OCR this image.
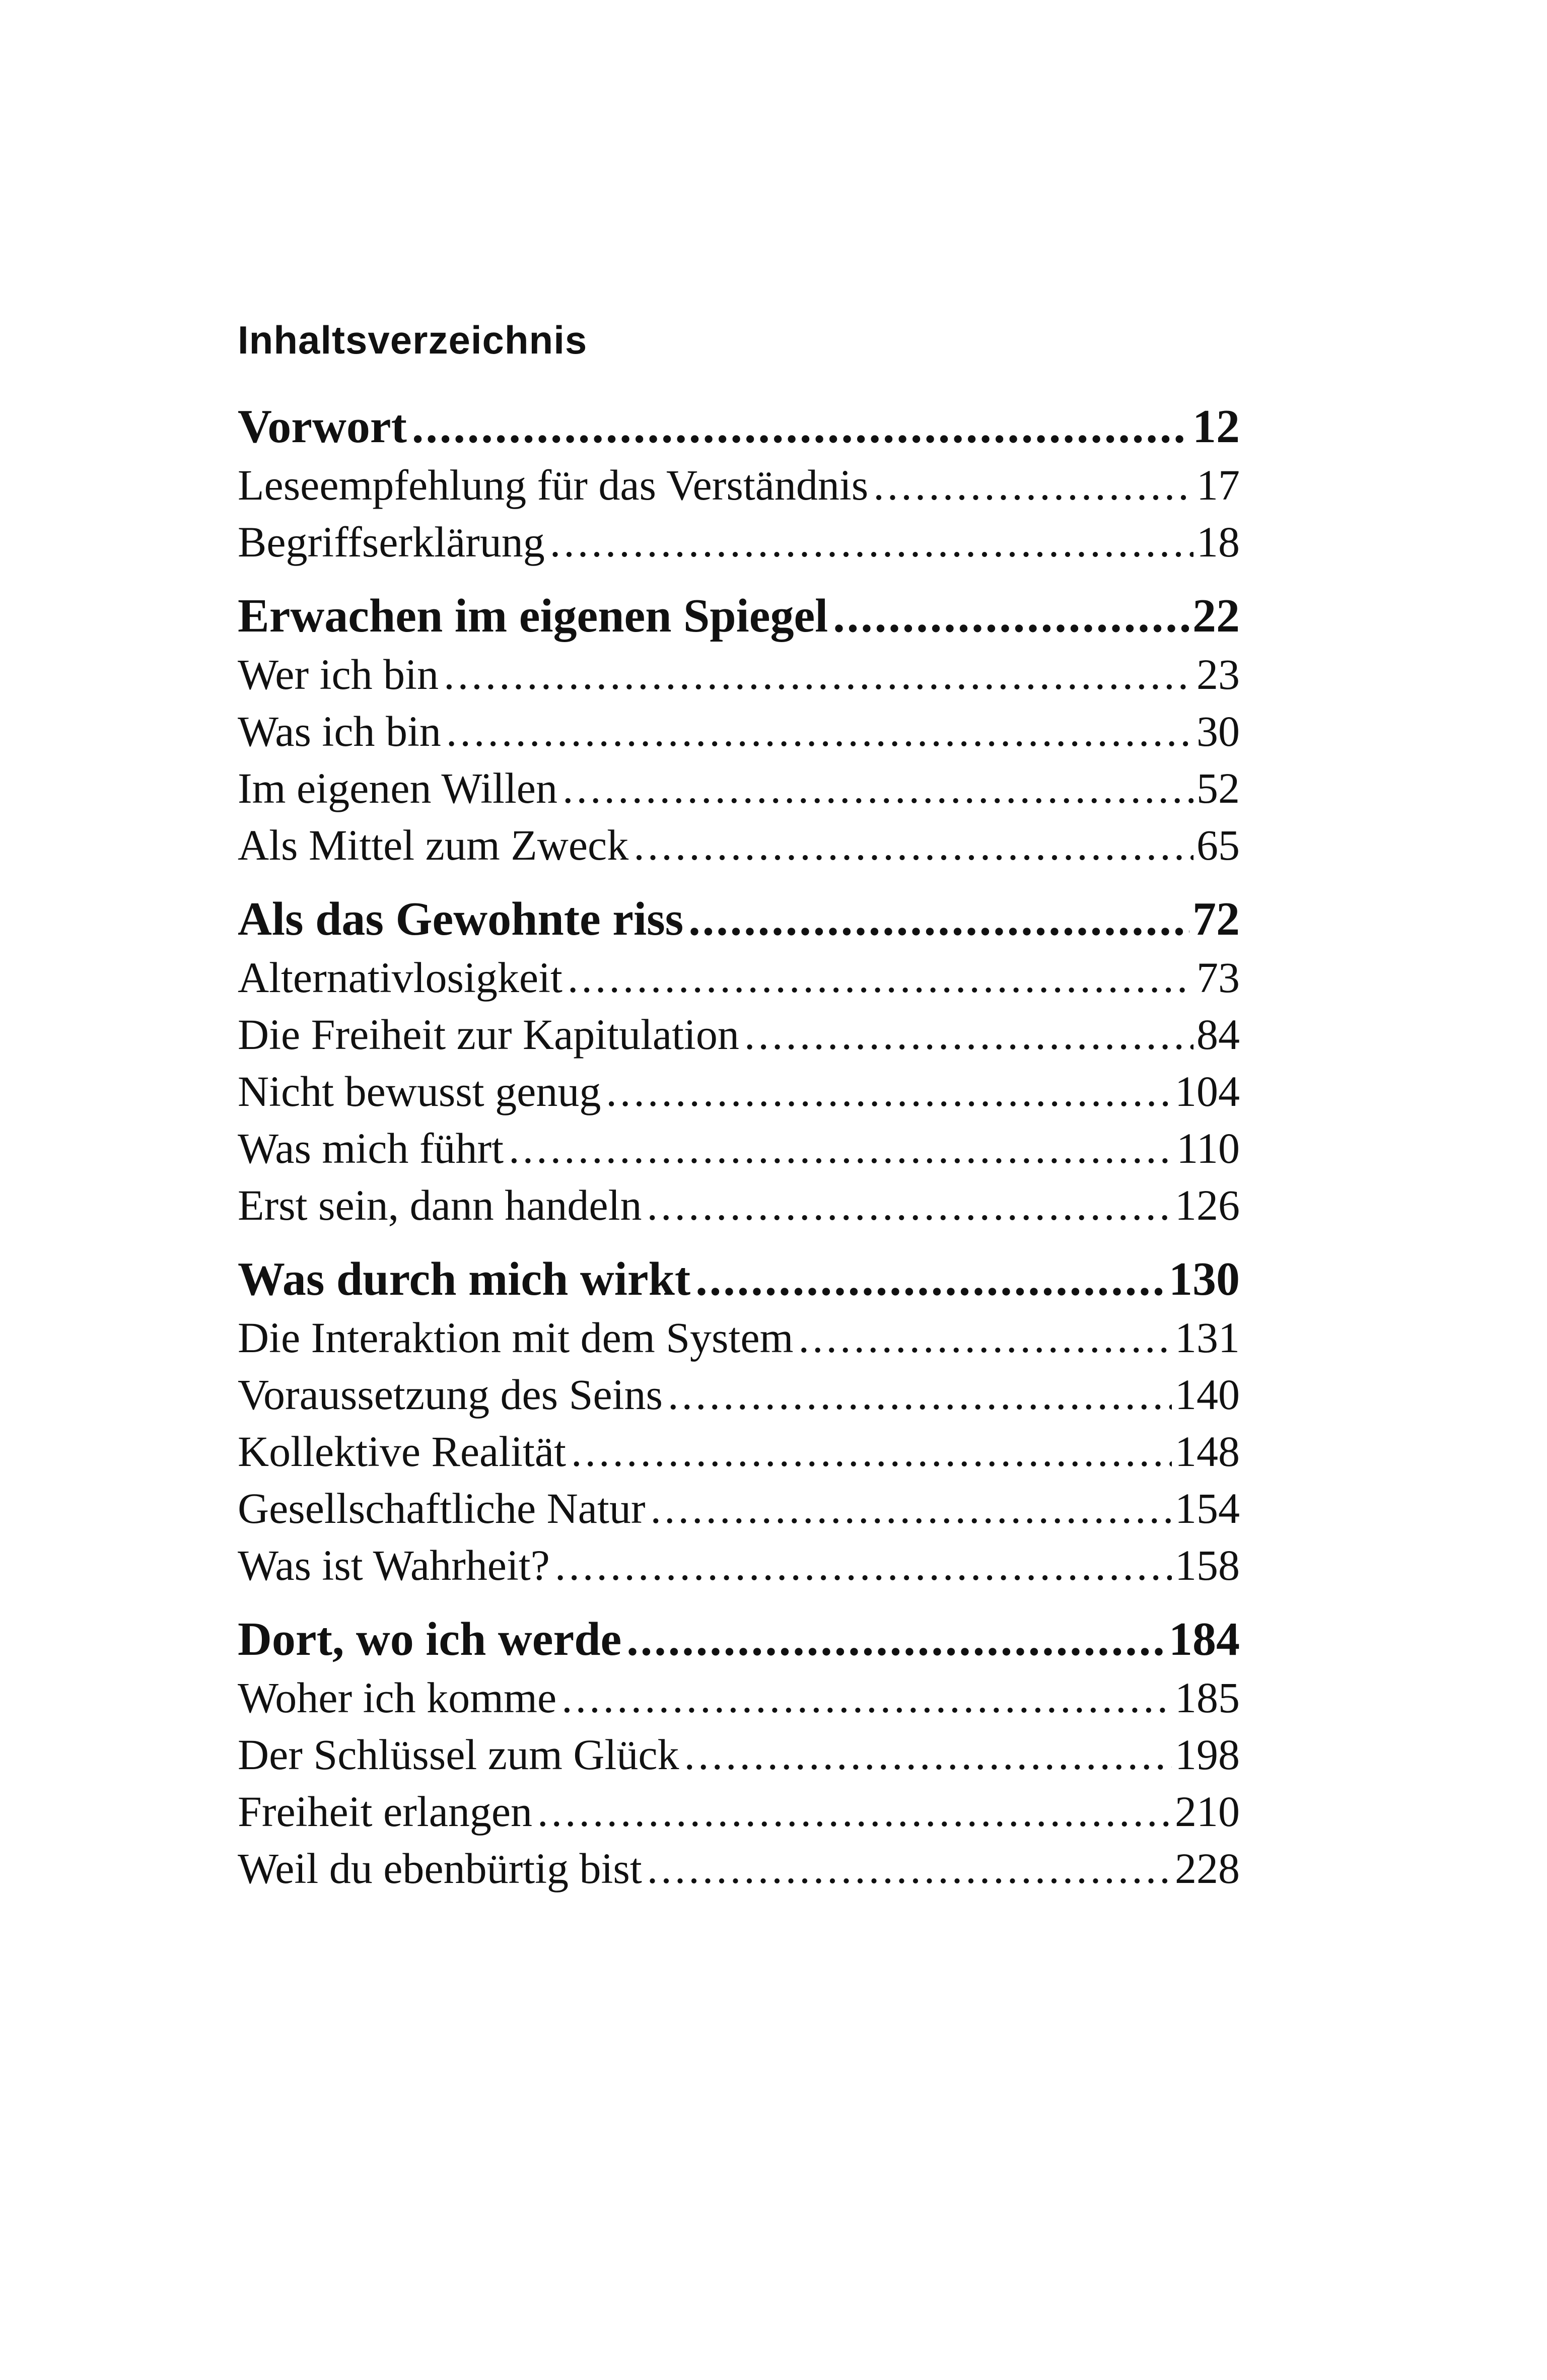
Inhaltsverzeichnis
Vorwort .....	12
Leseempfehlung für das Verständnis .....	17
Begriffserklärung .....	18
Erwachen im eigenen Spiegel .....	22
Wer ich bin .....	23
Was ich bin .....	30
Im eigenen Willen .....	52
Als Mittel zum Zweck .....	65
Als das Gewohnte riss .....	72
Alternativlosigkeit .....	73
Die Freiheit zur Kapitulation .....	84
Nicht bewusst genug .....	104
Was mich führt .....	110
Erst sein, dann handeln .....	126
Was durch mich wirkt .....	130
Die Interaktion mit dem System .....	131
Voraussetzung des Seins .....	140
Kollektive Realität .....	148
Gesellschaftliche Natur .....	154
Was ist Wahrheit? .....	158
Dort, wo ich werde .....	184
Woher ich komme .....	185
Der Schlüssel zum Glück .....	198
Freiheit erlangen .....	210
Weil du ebenbürtig bist .....	228
